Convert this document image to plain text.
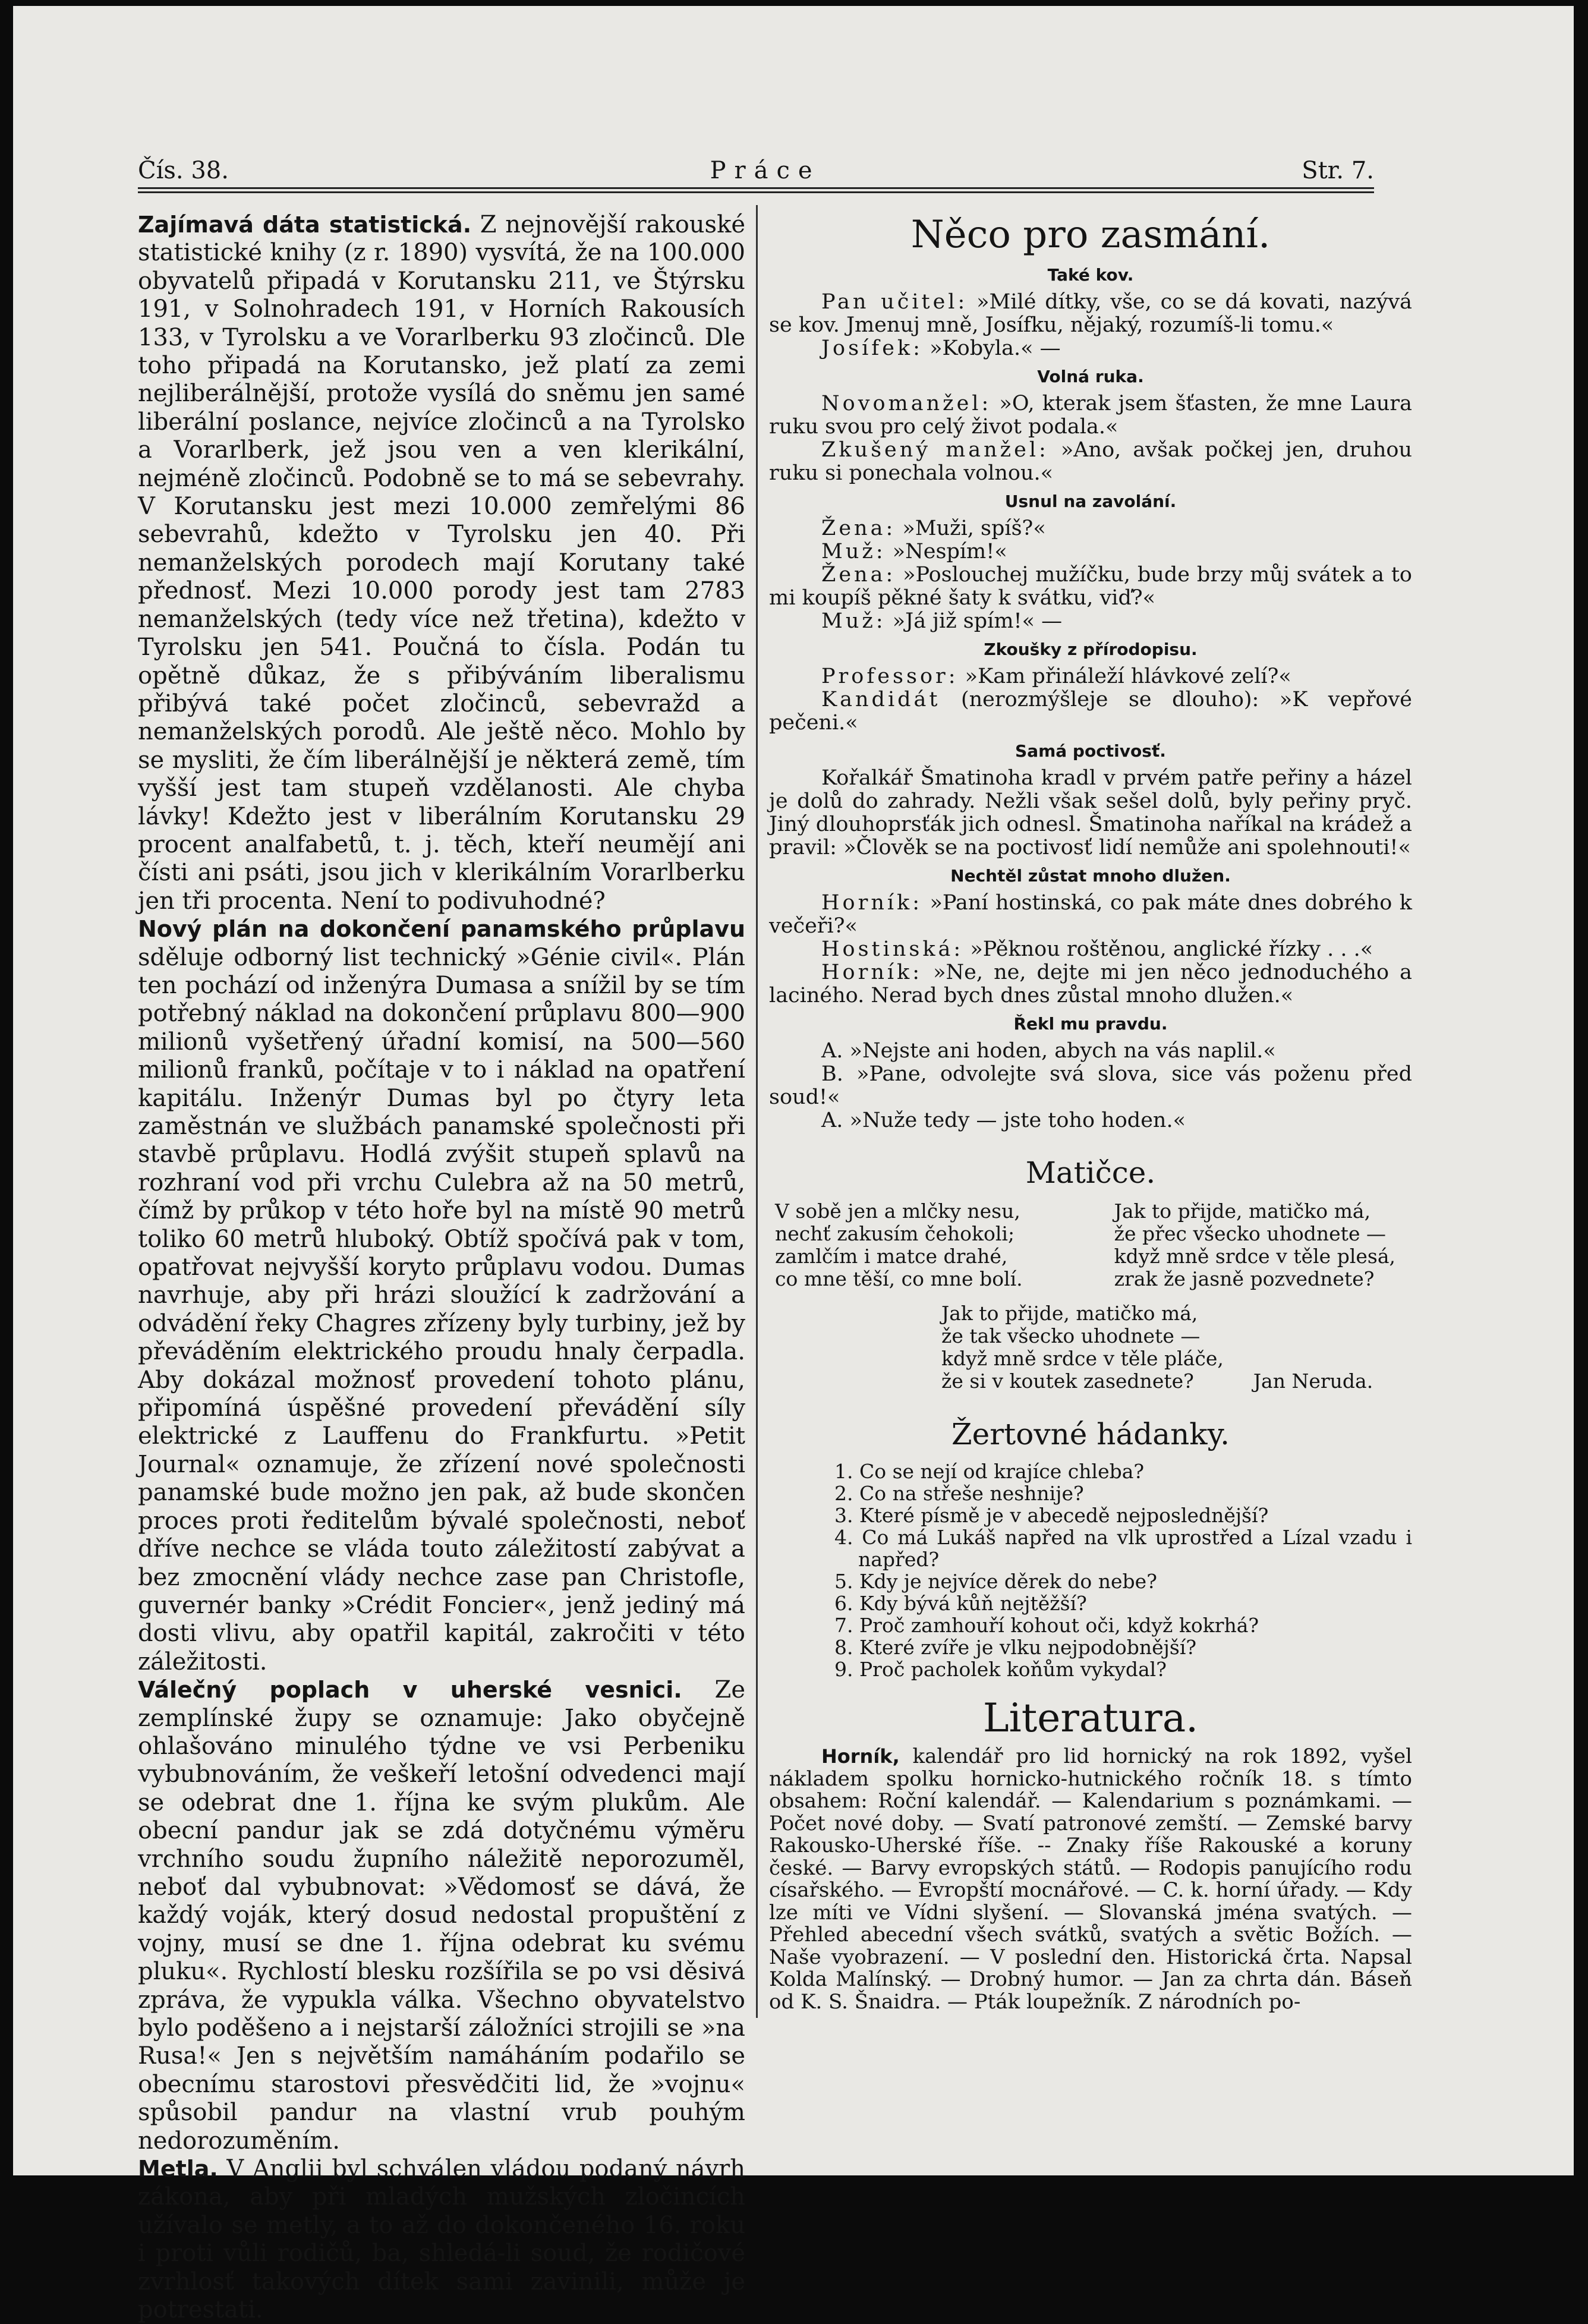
Čís. 38.	Práce	Str. 7.

Zajímavá dáta statistická. Z nejnovější rakouské statistické knihy (z r. 1890) vysvítá, že na 100.000 obyvatelů připadá v Korutansku 211, ve Štýrsku 191, v Solnohradech 191, v Horních Rakousích 133, v Tyrolsku a ve Vorarlberku 93 zločinců. Dle toho připadá na Korutansko, jež platí za zemi nejliberálnější, protože vysílá do sněmu jen samé liberální poslance, nejvíce zločinců a na Tyrolsko a Vorarlberk, jež jsou ven a ven klerikální, nejméně zločinců. Podobně se to má se sebevrahy. V Korutansku jest mezi 10.000 zemřelými 86 sebevrahů, kdežto v Tyrolsku jen 40. Při nemanželských porodech mají Korutany také přednosť. Mezi 10.000 porody jest tam 2783 nemanželských (tedy více než třetina), kdežto v Tyrolsku jen 541. Poučná to čísla. Podán tu opětně důkaz, že s přibýváním liberalismu přibývá také počet zločinců, sebevražd a nemanželských porodů. Ale ještě něco. Mohlo by se mysliti, že čím liberálnější je některá země, tím vyšší jest tam stupeň vzdělanosti. Ale chyba lávky! Kdežto jest v liberálním Korutansku 29 procent analfabetů, t. j. těch, kteří neumějí ani čísti ani psáti, jsou jich v klerikálním Vorarlberku jen tři procenta. Není to podivuhodné?

Nový plán na dokončení panamského průplavu sděluje odborný list technický »Génie civil«. Plán ten pochází od inženýra Dumasa a snížil by se tím potřebný náklad na dokončení průplavu 800—900 milionů vyšetřený úřadní komisí, na 500—560 milionů franků, počítaje v to i náklad na opatření kapitálu. Inženýr Dumas byl po čtyry leta zaměstnán ve službách panamské společnosti při stavbě průplavu. Hodlá zvýšit stupeň splavů na rozhraní vod při vrchu Culebra až na 50 metrů, čímž by průkop v této hoře byl na místě 90 metrů toliko 60 metrů hluboký. Obtíž spočívá pak v tom, opatřovat nejvyšší koryto průplavu vodou. Dumas navrhuje, aby při hrázi sloužící k zadržování a odvádění řeky Chagres zřízeny byly turbiny, jež by převáděním elektrického proudu hnaly čerpadla. Aby dokázal možnosť provedení tohoto plánu, připomíná úspěšné provedení převádění síly elektrické z Lauffenu do Frankfurtu. »Petit Journal« oznamuje, že zřízení nové společnosti panamské bude možno jen pak, až bude skončen proces proti ředitelům bývalé společnosti, neboť dříve nechce se vláda touto záležitostí zabývat a bez zmocnění vlády nechce zase pan Christofle, guvernér banky »Crédit Foncier«, jenž jediný má dosti vlivu, aby opatřil kapitál, zakročiti v této záležitosti.

Válečný poplach v uherské vesnici. Ze zemplínské župy se oznamuje: Jako obyčejně ohlašováno minulého týdne ve vsi Perbeniku vybubnováním, že veškeří letošní odvedenci mají se odebrat dne 1. října ke svým plukům. Ale obecní pandur jak se zdá dotyčnému výměru vrchního soudu župního náležitě neporozuměl, neboť dal vybubnovat: »Vědomosť se dává, že každý voják, který dosud nedostal propuštění z vojny, musí se dne 1. října odebrat ku svému pluku«. Rychlostí blesku rozšířila se po vsi děsivá zpráva, že vypukla válka. Všechno obyvatelstvo bylo poděšeno a i nejstarší záložníci strojili se »na Rusa!« Jen s největším namáháním podařilo se obecnímu starostovi přesvědčiti lid, že »vojnu« spůsobil pandur na vlastní vrub pouhým nedorozuměním.

Metla. V Anglii byl schválen vládou podaný návrh zákona, aby při mladých mužských zločincích užívalo se metly, a to až do dokončeného 16. roku i proti vůli rodičů, ba, shledá-li soud, že rodičové zvrhlosť takových dítek sami zavinili, může je potrestati.

Něco pro zasmání.
Také kov.

Pan učitel: »Milé dítky, vše, co se dá kovati, nazývá se kov. Jmenuj mně, Josífku, nějaký, rozumíš-li tomu.«

Josífek: »Kobyla.« —

Volná ruka.

Novomanžel: »O, kterak jsem šťasten, že mne Laura ruku svou pro celý život podala.«

Zkušený manžel: »Ano, avšak počkej jen, druhou ruku si ponechala volnou.«

Usnul na zavolání.

Žena: »Muži, spíš?«

Muž: »Nespím!«

Žena: »Poslouchej mužíčku, bude brzy můj svátek a to mi koupíš pěkné šaty k svátku, viď?«

Muž: »Já již spím!« —

Zkoušky z přírodopisu.

Professor: »Kam přináleží hlávkové zelí?«

Kandidát (nerozmýšleje se dlouho): »K vepřové pečeni.«

Samá poctivosť.

Kořalkář Šmatinoha kradl v prvém patře peřiny a házel je dolů do zahrady. Nežli však sešel dolů, byly peřiny pryč. Jiný dlouhoprsťák jich odnesl. Šmatinoha naříkal na krádež a pravil: »Člověk se na poctivosť lidí nemůže ani spolehnouti!«

Nechtěl zůstat mnoho dlužen.

Horník: »Paní hostinská, co pak máte dnes dobrého k večeři?«

Hostinská: »Pěknou roštěnou, anglické řízky . . .«

Horník: »Ne, ne, dejte mi jen něco jednoduchého a laciného. Nerad bych dnes zůstal mnoho dlužen.«

Řekl mu pravdu.

A. »Nejste ani hoden, abych na vás naplil.«

B. »Pane, odvolejte svá slova, sice vás poženu před soud!«

A. »Nuže tedy — jste toho hoden.«

Matičce.
V sobě jen a mlčky nesu,
nechť zakusím čehokoli;
zamlčím i matce drahé,
co mne těší, co mne bolí.
Jak to přijde, matičko má,
že přec všecko uhodnete —
když mně srdce v těle plesá,
zrak že jasně pozvednete?
Jak to přijde, matičko má,
že tak všecko uhodnete —
když mně srdce v těle pláče,
že si v koutek zasednete?	Jan Neruda.
Žertovné hádanky.
1. Co se nejí od krajíce chleba?
2. Co na střeše neshnije?
3. Které písmě je v abecedě nejposlednější?
4. Co má Lukáš napřed na vlk uprostřed a Lízal vzadu i napřed?
5. Kdy je nejvíce děrek do nebe?
6. Kdy bývá kůň nejtěžší?
7. Proč zamhouří kohout oči, když kokrhá?
8. Které zvíře je vlku nejpodobnější?
9. Proč pacholek koňům vykydal?
Literatura.

Horník, kalendář pro lid hornický na rok 1892, vyšel nákladem spolku hornicko-hutnického ročník 18. s tímto obsahem: Roční kalendář. — Kalendarium s poznámkami. — Počet nové doby. — Svatí patronové zemští. — Zemské barvy Rakousko-Uherské říše. -- Znaky říše Rakouské a koruny české. — Barvy evropských států. — Rodopis panujícího rodu císařského. — Evropští mocnářové. — C. k. horní úřady. — Kdy lze míti ve Vídni slyšení. — Slovanská jména svatých. — Přehled abecední všech svátků, svatých a světic Božích. — Naše vyobrazení. — V poslední den. Historická črta. Napsal Kolda Malínský. — Drobný humor. — Jan za chrta dán. Báseň od K. S. Šnaidra. — Pták loupežník. Z národních po-
